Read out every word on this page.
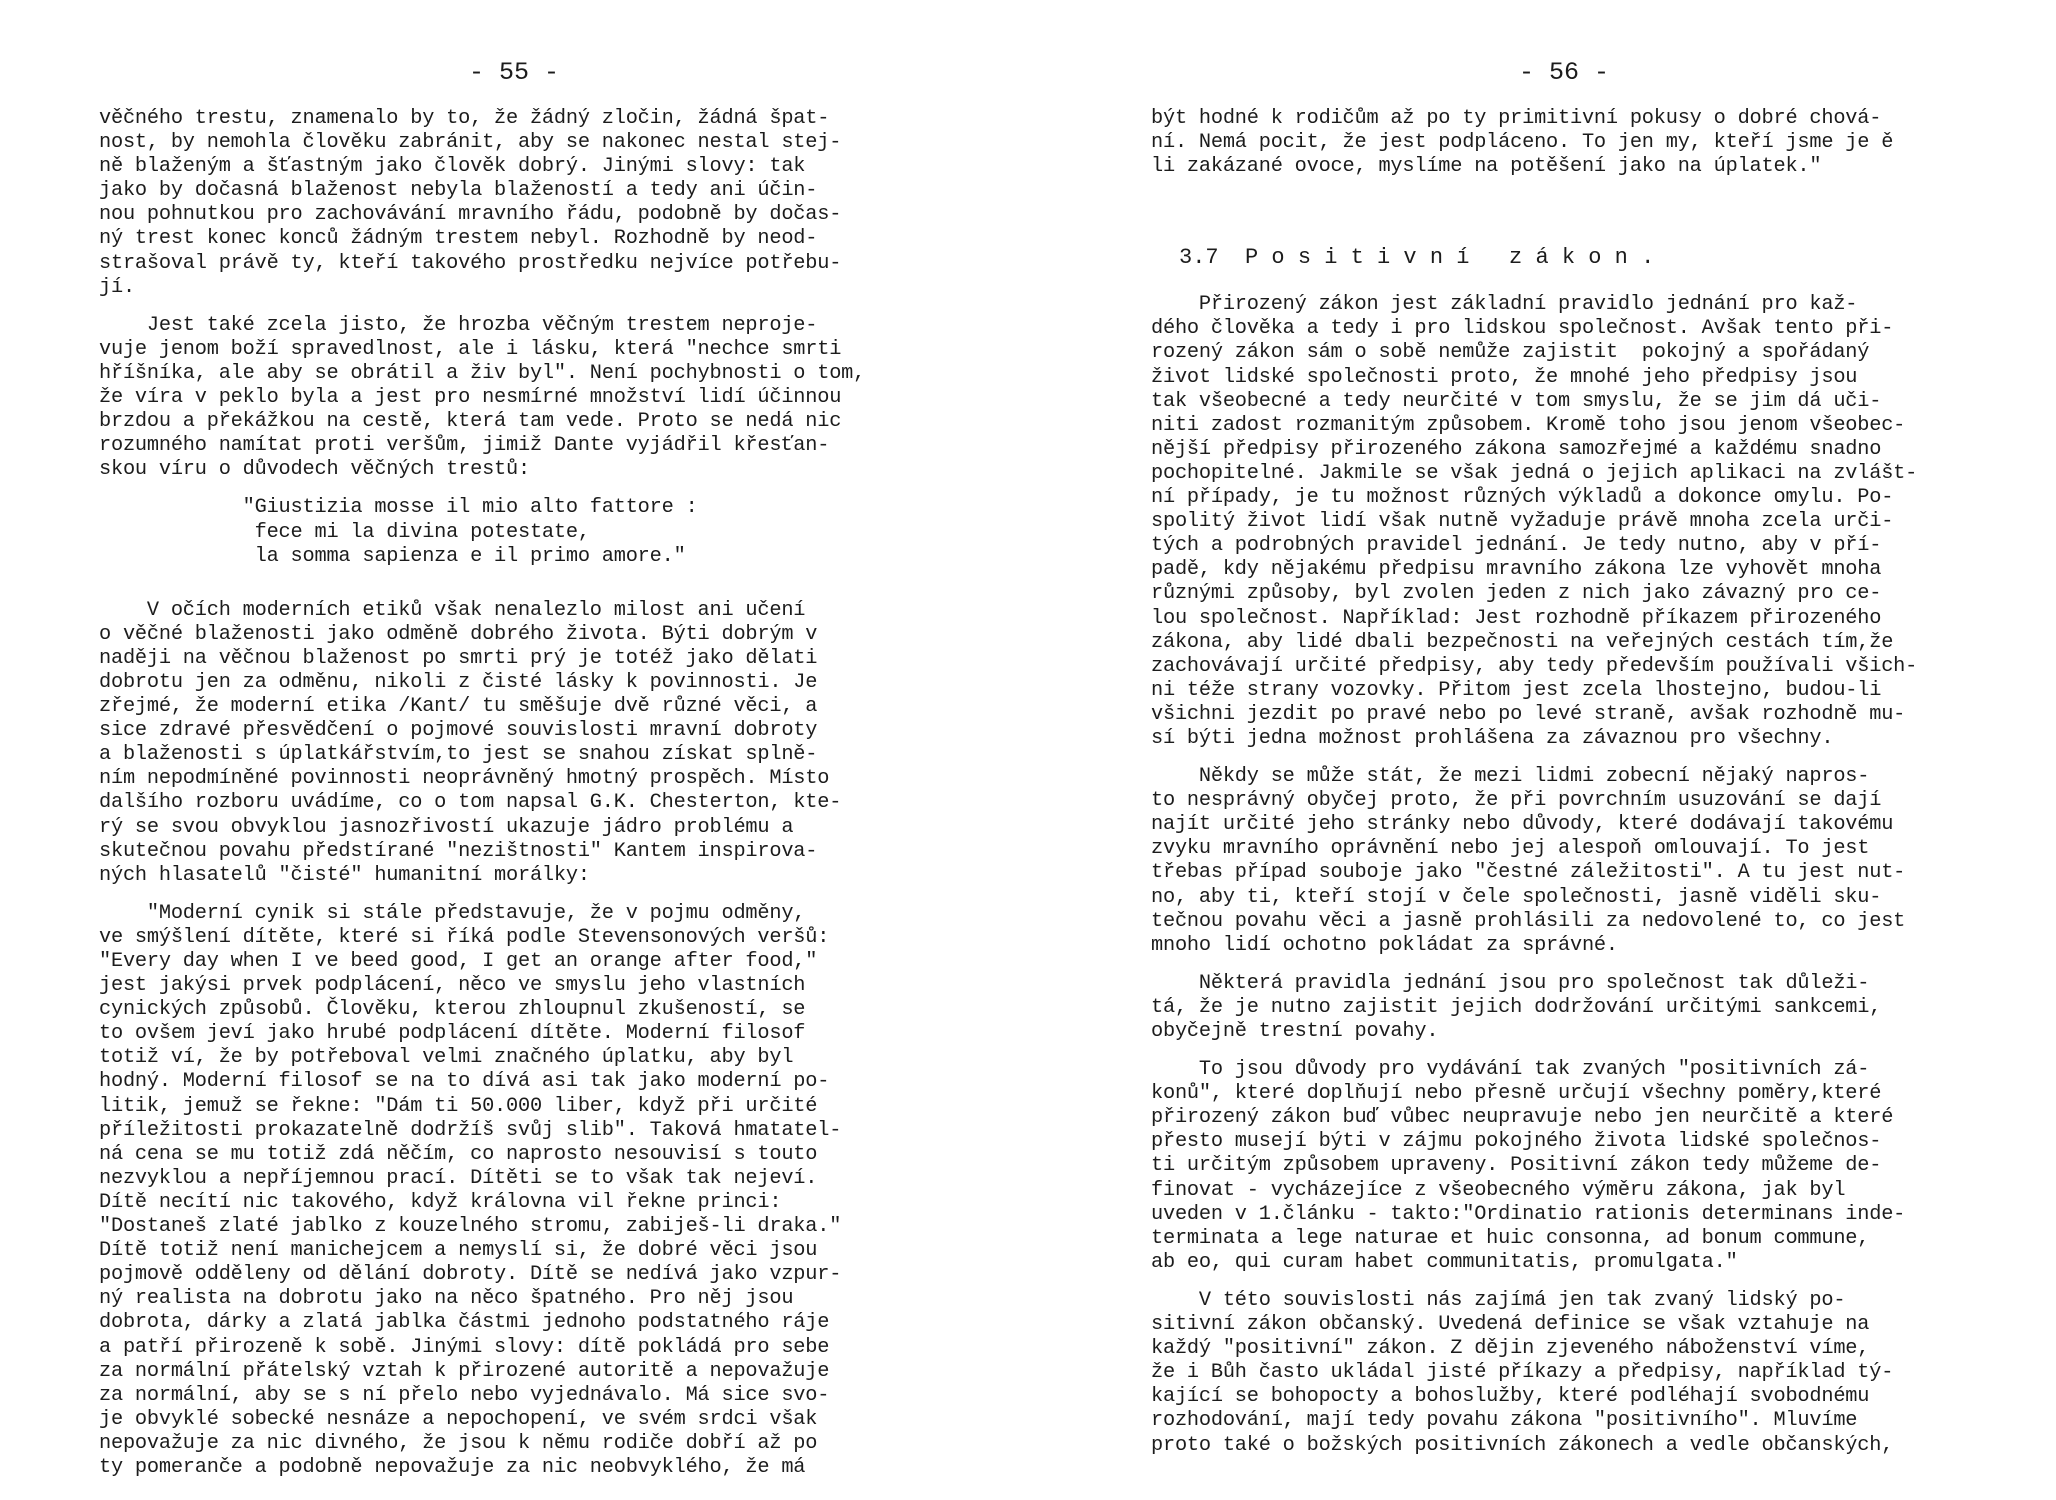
- 55 -

věčného trestu, znamenalo by to, že žádný zločin, žádná špat-
nost, by nemohla člověku zabránit, aby se nakonec nestal stej-
ně blaženým a šťastným jako člověk dobrý. Jinými slovy: tak
jako by dočasná blaženost nebyla blažeností a tedy ani účin-
nou pohnutkou pro zachovávání mravního řádu, podobně by dočas-
ný trest konec konců žádným trestem nebyl. Rozhodně by neod-
strašoval právě ty, kteří takového prostředku nejvíce potřebu-
jí.

Jest také zcela jisto, že hrozba věčným trestem neproje-
vuje jenom boží spravedlnost, ale i lásku, která "nechce smrti
hříšníka, ale aby se obrátil a živ byl". Není pochybnosti o tom,
že víra v peklo byla a jest pro nesmírné množství lidí účinnou
brzdou a překážkou na cestě, která tam vede. Proto se nedá nic
rozumného namítat proti veršům, jimiž Dante vyjádřil křesťan-
skou víru o důvodech věčných trestů:

"Giustizia mosse il mio alto fattore :
fece mi la divina potestate,
la somma sapienza e il primo amore."

V očích moderních etiků však nenalezlo milost ani učení
o věčné blaženosti jako odměně dobrého života. Býti dobrým v
naději na věčnou blaženost po smrti prý je totéž jako dělati
dobrotu jen za odměnu, nikoli z čisté lásky k povinnosti. Je
zřejmé, že moderní etika /Kant/ tu směšuje dvě různé věci, a
sice zdravé přesvědčení o pojmové souvislosti mravní dobroty
a blaženosti s úplatkářstvím,to jest se snahou získat splně-
ním nepodmíněné povinnosti neoprávněný hmotný prospěch. Místo
dalšího rozboru uvádíme, co o tom napsal G.K. Chesterton, kte-
rý se svou obvyklou jasnozřivostí ukazuje jádro problému a
skutečnou povahu předstírané "nezištnosti" Kantem inspirova-
ných hlasatelů "čisté" humanitní morálky:

"Moderní cynik si stále představuje, že v pojmu odměny,
ve smýšlení dítěte, které si říká podle Stevensonových veršů:
"Every day when I ve beed good, I get an orange after food,"
jest jakýsi prvek podplácení, něco ve smyslu jeho vlastních
cynických způsobů. Člověku, kterou zhloupnul zkušeností, se
to ovšem jeví jako hrubé podplácení dítěte. Moderní filosof
totiž ví, že by potřeboval velmi značného úplatku, aby byl
hodný. Moderní filosof se na to dívá asi tak jako moderní po-
litik, jemuž se řekne: "Dám ti 50.000 liber, když při určité
příležitosti prokazatelně dodržíš svůj slib". Taková hmatatel-
ná cena se mu totiž zdá něčím, co naprosto nesouvisí s touto
nezvyklou a nepříjemnou prací. Dítěti se to však tak nejeví.
Dítě necítí nic takového, když královna vil řekne princi:
"Dostaneš zlaté jablko z kouzelného stromu, zabiješ-li draka."
Dítě totiž není manichejcem a nemyslí si, že dobré věci jsou
pojmově odděleny od dělání dobroty. Dítě se nedívá jako vzpur-
ný realista na dobrotu jako na něco špatného. Pro něj jsou
dobrota, dárky a zlatá jablka částmi jednoho podstatného ráje
a patří přirozeně k sobě. Jinými slovy: dítě pokládá pro sebe
za normální přátelský vztah k přirozené autoritě a nepovažuje
za normální, aby se s ní přelo nebo vyjednávalo. Má sice svo-
je obvyklé sobecké nesnáze a nepochopení, ve svém srdci však
nepovažuje za nic divného, že jsou k němu rodiče dobří až po
ty pomeranče a podobně nepovažuje za nic neobvyklého, že má

- 56 -

být hodné k rodičům až po ty primitivní pokusy o dobré chová-
ní. Nemá pocit, že jest podpláceno. To jen my, kteří jsme je ě
li zakázané ovoce, myslíme na potěšení jako na úplatek."

3.7  P o s i t i v n í   z á k o n .

Přirozený zákon jest základní pravidlo jednání pro kaž-
dého člověka a tedy i pro lidskou společnost. Avšak tento při-
rozený zákon sám o sobě nemůže zajistit  pokojný a spořádaný
život lidské společnosti proto, že mnohé jeho předpisy jsou
tak všeobecné a tedy neurčité v tom smyslu, že se jim dá uči-
niti zadost rozmanitým způsobem. Kromě toho jsou jenom všeobec-
nější předpisy přirozeného zákona samozřejmé a každému snadno
pochopitelné. Jakmile se však jedná o jejich aplikaci na zvlášt-
ní případy, je tu možnost různých výkladů a dokonce omylu. Po-
spolitý život lidí však nutně vyžaduje právě mnoha zcela urči-
tých a podrobných pravidel jednání. Je tedy nutno, aby v pří-
padě, kdy nějakému předpisu mravního zákona lze vyhovět mnoha
různými způsoby, byl zvolen jeden z nich jako závazný pro ce-
lou společnost. Například: Jest rozhodně příkazem přirozeného
zákona, aby lidé dbali bezpečnosti na veřejných cestách tím,že
zachovávají určité předpisy, aby tedy především používali všich-
ni téže strany vozovky. Přitom jest zcela lhostejno, budou-li
všichni jezdit po pravé nebo po levé straně, avšak rozhodně mu-
sí býti jedna možnost prohlášena za závaznou pro všechny.

Někdy se může stát, že mezi lidmi zobecní nějaký napros-
to nesprávný obyčej proto, že při povrchním usuzování se dají
najít určité jeho stránky nebo důvody, které dodávají takovému
zvyku mravního oprávnění nebo jej alespoň omlouvají. To jest
třebas případ souboje jako "čestné záležitosti". A tu jest nut-
no, aby ti, kteří stojí v čele společnosti, jasně viděli sku-
tečnou povahu věci a jasně prohlásili za nedovolené to, co jest
mnoho lidí ochotno pokládat za správné.

Některá pravidla jednání jsou pro společnost tak důleži-
tá, že je nutno zajistit jejich dodržování určitými sankcemi,
obyčejně trestní povahy.

To jsou důvody pro vydávání tak zvaných "positivních zá-
konů", které doplňují nebo přesně určují všechny poměry,které
přirozený zákon buď vůbec neupravuje nebo jen neurčitě a které
přesto musejí býti v zájmu pokojného života lidské společnos-
ti určitým způsobem upraveny. Positivní zákon tedy můžeme de-
finovat - vycházejíce z všeobecného výměru zákona, jak byl
uveden v 1.článku - takto:"Ordinatio rationis determinans inde-
terminata a lege naturae et huic consonna, ad bonum commune,
ab eo, qui curam habet communitatis, promulgata."

V této souvislosti nás zajímá jen tak zvaný lidský po-
sitivní zákon občanský. Uvedená definice se však vztahuje na
každý "positivní" zákon. Z dějin zjeveného náboženství víme,
že i Bůh často ukládal jisté příkazy a předpisy, například tý-
kající se bohopocty a bohoslužby, které podléhají svobodnému
rozhodování, mají tedy povahu zákona "positivního". Mluvíme
proto také o božských positivních zákonech a vedle občanských,
